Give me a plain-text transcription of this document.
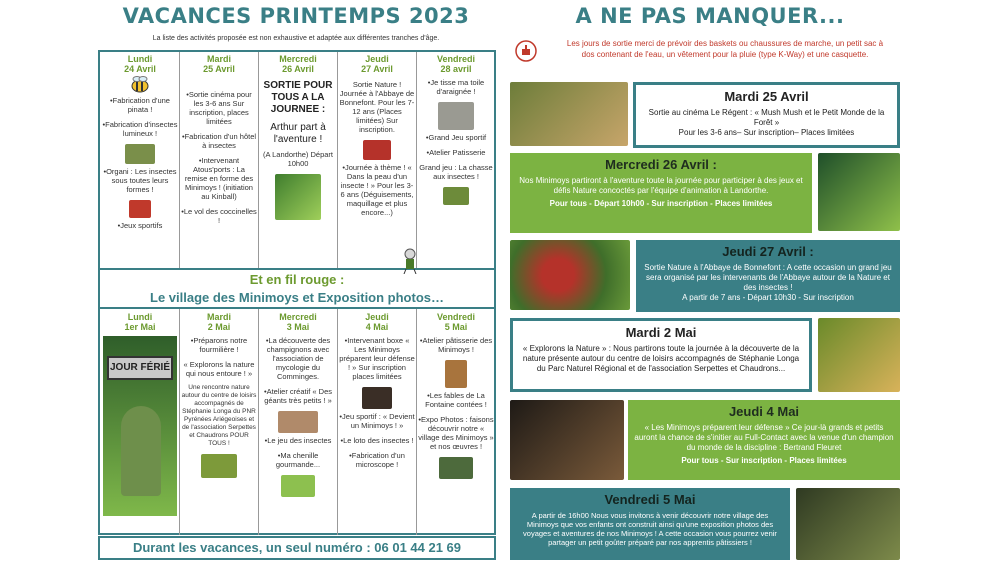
VACANCES PRINTEMPS 2023
La liste des activités proposée est non exhaustive et adaptée aux différentes tranches d'âge.
Lundi
24 Avril
•Fabrication d'une pinata !
•Fabrication d'insectes lumineux !
•Organi : Les insectes sous toutes leurs formes !
•Jeux sportifs
Mardi
25 Avril
•Sortie cinéma pour les 3-6 ans Sur inscription, places limitées
•Fabrication d'un hôtel à insectes
•Intervenant Atous'ports : La remise en forme des Minimoys ! (initiation au Kinball)
•Le vol des coccinelles !
Mercredi
26 Avril
SORTIE POUR TOUS A LA JOURNEE :
Arthur part à l'aventure !
(A Landorthe) Départ 10h00
Jeudi
27 Avril
Sortie Nature ! Journée à l'Abbaye de Bonnefont. Pour les 7-12 ans (Places limitées) Sur inscription.
•Journée à thème ! « Dans la peau d'un insecte ! » Pour les 3-6 ans (Déguisements, maquillage et plus encore...)
Vendredi
28 avril
•Je tisse ma toile d'araignée !
•Grand Jeu sportif
•Atelier Patisserie
Grand jeu : La chasse aux insectes !
Et en fil rouge :
Le village des Minimoys et Exposition photos…
Lundi
1er Mai
JOUR FÉRIÉ
Mardi
2 Mai
•Préparons notre fourmilière !
« Explorons la nature qui nous entoure ! »
Une rencontre nature autour du centre de loisirs accompagnés de Stéphanie Longa du PNR Pyrénées Ariégeoises et de l'association Serpettes et Chaudrons POUR TOUS !
Mercredi
3 Mai
•La découverte des champignons avec l'association de mycologie du Comminges.
•Atelier créatif « Des géants très petits ! »
•Le jeu des insectes
•Ma chenille gourmande...
Jeudi
4 Mai
•Intervenant boxe « Les Minimoys préparent leur défense ! » Sur inscription places limitées
•Jeu sportif : « Devient un Minimoys ! »
•Le loto des insectes !
•Fabrication d'un microscope !
Vendredi
5 Mai
•Atelier pâtisserie des Minimoys !
•Les fables de La Fontaine contées !
•Expo Photos : faisons découvrir notre « village des Minimoys » et nos œuvres !
Durant les vacances, un seul numéro : 06 01 44 21 69
A NE PAS MANQUER...
Les jours de sortie merci de prévoir des baskets ou chaussures de marche, un petit sac à dos contenant de l'eau, un vêtement pour la pluie (type K-Way) et une casquette.
Mardi 25 Avril
Sortie au cinéma Le Régent : « Mush Mush et le Petit Monde de la Forêt »
Pour les 3-6 ans– Sur inscription– Places limitées
Mercredi 26 Avril :
Nos Minimoys partiront à l'aventure toute la journée pour participer à des jeux et défis Nature concoctés par l'équipe d'animation à Landorthe.
Pour tous - Départ 10h00 - Sur inscription - Places limitées
Jeudi 27 Avril :
Sortie Nature à l'Abbaye de Bonnefont : A cette occasion un grand jeu sera organisé par les intervenants de l'Abbaye autour de la Nature et des insectes !
A partir de 7 ans - Départ 10h30 - Sur inscription
Mardi 2 Mai
« Explorons la Nature » : Nous partirons toute la journée à la découverte de la nature présente autour du centre de loisirs accompagnés de Stéphanie Longa du Parc Naturel Régional et de l'association Serpettes et Chaudrons...
Jeudi 4 Mai
« Les Minimoys préparent leur défense » Ce jour-là grands et petits auront la chance de s'initier au Full-Contact avec la venue d'un champion du monde de la discipline : Bertrand Fleuret
Pour tous - Sur inscription - Places limitées
Vendredi 5 Mai
A partir de 16h00 Nous vous invitons à venir découvrir notre village des Minimoys que vos enfants ont construit ainsi qu'une exposition photos des voyages et aventures de nos Minimoys ! A cette occasion vous pourrez venir partager un petit goûter préparé par nos apprentis pâtissiers !
